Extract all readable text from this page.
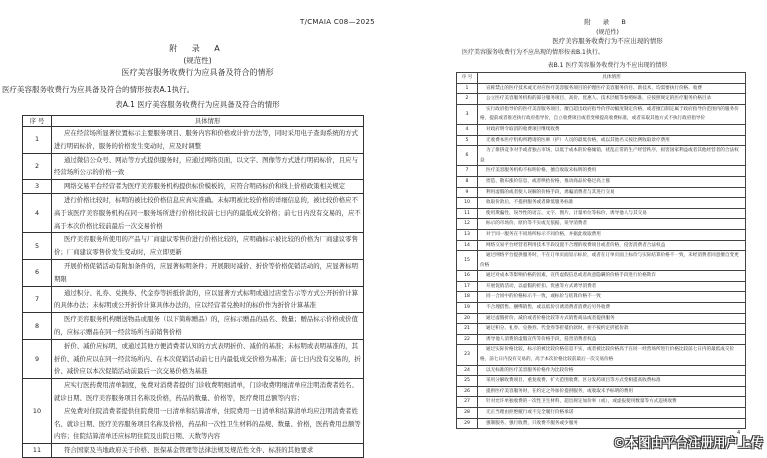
T/CMAIA C08—2025
附 录 A
(规范性)
医疗美容服务收费行为应具备及符合的情形
医疗美容服务收费行为应具备及符合的情形按表A.1执行。
表A.1 医疗美容服务收费行为应具备及符合的情形
序 号	具体情形
1	应在经营场所显著位置标示主要服务项目、服务内容和价格或计价方法等，同时采用电子查询系统的方式进行明码标价，服务的价格发生变动时，应及时调整

2	通过微信公众号、网站等方式提供服务时，应通过网络页面，以文字、图像等方式进行明码标价，且应与经营场所公示的价格一致

3	网络交易平台经营者为医疗美容服务机构提供标价模板的，应符合明码标价和线上价格政策相关规定

4	进行价格比较时，标明的被比较价格信息应真实准确。未标明被比较价格的详细信息的，被比较价格应不高于该医疗美容服务机构在同一服务场所进行价格比较前七日内的最低成交价格；前七日内没有交易的，应不高于本次价格比较前最后一次交易价格

5	医疗美容服务所使用的产品与厂商建议零售价进行价格比较的，应明确标示被比较的价格为厂商建议零售价；厂商建议零售价发生变动时，应立即更新

6	开展价格促销活动有附加条件的，应显著标明条件；开展限时减价、折价等价格促销活动的，应显著标明期限

7	通过积分、礼券、兑换券、代金券等折抵价款的，应以显著方式标明或通过店堂告示等方式公开折价计算的具体办法；未标明或公开折价计算具体办法的，应以经营者兑换时的标价作为折价计算基准

8	医疗美容服务机构赠送物品或服务（以下简称赠品）的，应标示赠品的品名、数量；赠品标示价格或价值的，应标示赠品在同一经营场所当前销售价格

9	折价、减价应标明，或通过其他方便消费者认知的方式表明折价、减价的基准；未标明或表明基准的，其折价、减价应以在同一经营场所内、在本次促销活动前七日内最低成交价格为基准；前七日内没有交易的，折价、减价应以本次促销活动前最后一次交易价格为基准

10	应实行医药费用清单制度，免费对消费者提供门诊收费明细清单，门诊收费明细清单应注明消费者姓名、就诊日期、医疗美容服务项目名称及价格，药品的数量、价格等，医疗费用总额等内容；
应免费对住院消费者提供住院费用一日清单和结算清单，住院费用一日清单和结算清单均应注明消费者姓名、就诊日期、医疗美容服务项目名称及价格，药品和一次性卫生材料的品规、数量、价格，医药费用总额等内容；住院结算清单还应标明住院及出院日期、天数等内容

11	符合国家及当地政府关于价格、医保基金管理等法律法规及规范性文件、标准的其他要求
附 录 B
(规范性)
医疗美容服务收费行为不应出现的情形
医疗美容服务收费行为不应出现的情形按表B.1执行。
表B.1 医疗美容服务收费行为不应出现的情形
序 号	具体情形
1	宣称禁止的医疗技术或无对应医疗美容服务项目的护理医疗美容服务价目、新技术，均需要执行价格、收费

2	公立医疗美容服务机构的部分服务项目、高价、优惠人、技术层级等参照标准，应按照规定的医疗服务价格目录

3	实行政府指导价的医疗美容服务项目，擅自超出政府指导价浮动幅度制定价格，或者擅自制定属于政府指导价范围内的服务价格，提前或者推迟执行政府指导价，自立收费项目或者变相提高收费标准，或者采取其他方式不执行政府指导价

4	对政府明令取消的收费项目继续收费

5	无收费本医疗机构所聘请的医师（护）人员的最低价格，或以其他名义按比例收取诊疗费用

6	为了排挤竞争对手或者独占市场，以低于成本的价格倾销，扰乱正常的生产经营秩序，损害国家利益或者其他经营者的合法权益

7	医疗美容服务机构不标明价格，擅自收取未标明的费用

8	捏造、散布涨价信息，或者哄抬价格，推动商品价格过高上涨

9	利用虚假的或者使人误解的价格手段，诱骗消费者与其进行交易

10	收取价款后，不提供服务或者降低服务标准

11	使用欺骗性、误导性的语言、文字、图片、计量单位等标价，诱导他人与其交易

12	标示的市场价、原价等不实或无依据，误导消费者

13	对于同一服务在不同场所标示不同价格，并据此收取费用

14	网络交易平台经营者利用技术手段设置不合理的收费项目或者价格，侵害消费者合法权益

15	通过网络平台提供服务时，不在订单页面显示标价，或者在订单页面上标价与实际结算价格不一致，未经消费者同意擅自变更价格

16	通过对成本等影响价格的因素，宣传虚假信息或者故意隐瞒的价格手段进行价格欺诈

17	开展促销活动，以虚假的折扣、优惠等方式诱导消费者

18	同一合同中的价格标示不一致，或标价与结算价格不一致

19	不合理搭售、捆绑销售，或以低价引诱消费者消费后另外收费

20	通过虚假折价、减价或者价格比较等方式销售商品或者提供服务

21	通过积分、礼券、兑换券、代金券等折抵价款时，拒不按约定折抵价款

22	诱导他人消费的虚假宣传等价格手段，侵害消费者权益

23	通过实际价格比较，标示的被比较价格信息不实，或者被比较价格高于在同一经营场所进行价格比较前七日内的最低成交价格，前七日内没有交易的，高于本次价格比较前最后一次交易价格

24	以无标准的医疗美容服务价格作为比较价格

25	采用分解收费项目、重复收费、扩大范围收费、区分发药项目等方式变相提高收费标准

26	提供医疗美容服务时，在约定之外加价提供服务，或收取未予标明的费用

27	针对允许单独收费的一次性卫生材料，超出规定加价率（或），或虚报使用数量等方式违规收费

28	无正当理由拒绝履行或不完全履行价格承诺

29	强制服务、强行收费，只收费不服务或少服务
4
©本图由平台注册用户上传
